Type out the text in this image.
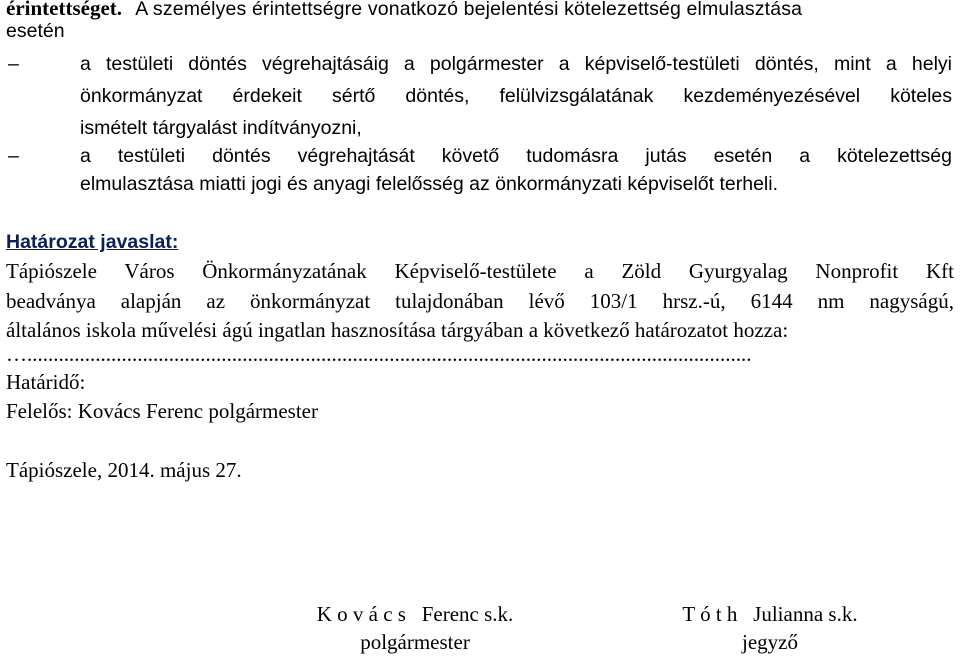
érintettséget. A személyes érintettségre vonatkozó bejelentési kötelezettség elmulasztása
esetén
–	a testületi döntés végrehajtásáig a polgármester a képviselő-testületi döntés, mint a helyi
önkormányzat érdekeit sértő döntés, felülvizsgálatának kezdeményezésével köteles
ismételt tárgyalást indítványozni,
–	a testületi döntés végrehajtását követő tudomásra jutás esetén a kötelezettség
elmulasztása miatti jogi és anyagi felelősség az önkormányzati képviselőt terheli.
Határozat javaslat:
Tápiószele Város Önkormányzatának Képviselő-testülete a Zöld Gyurgyalag Nonprofit Kft
beadványa alapján az önkormányzat tulajdonában lévő 103/1 hrsz.-ú, 6144 nm nagyságú,
általános iskola művelési ágú ingatlan hasznosítása tárgyában a következő határozatot hozza:
…..........................................................................................................................................
Határidő:
Felelős: Kovács Ferenc polgármester
Tápiószele, 2014. május 27.
K o v á c s   Ferenc s.k.
polgármester
T ó t h   Julianna s.k.
jegyző
